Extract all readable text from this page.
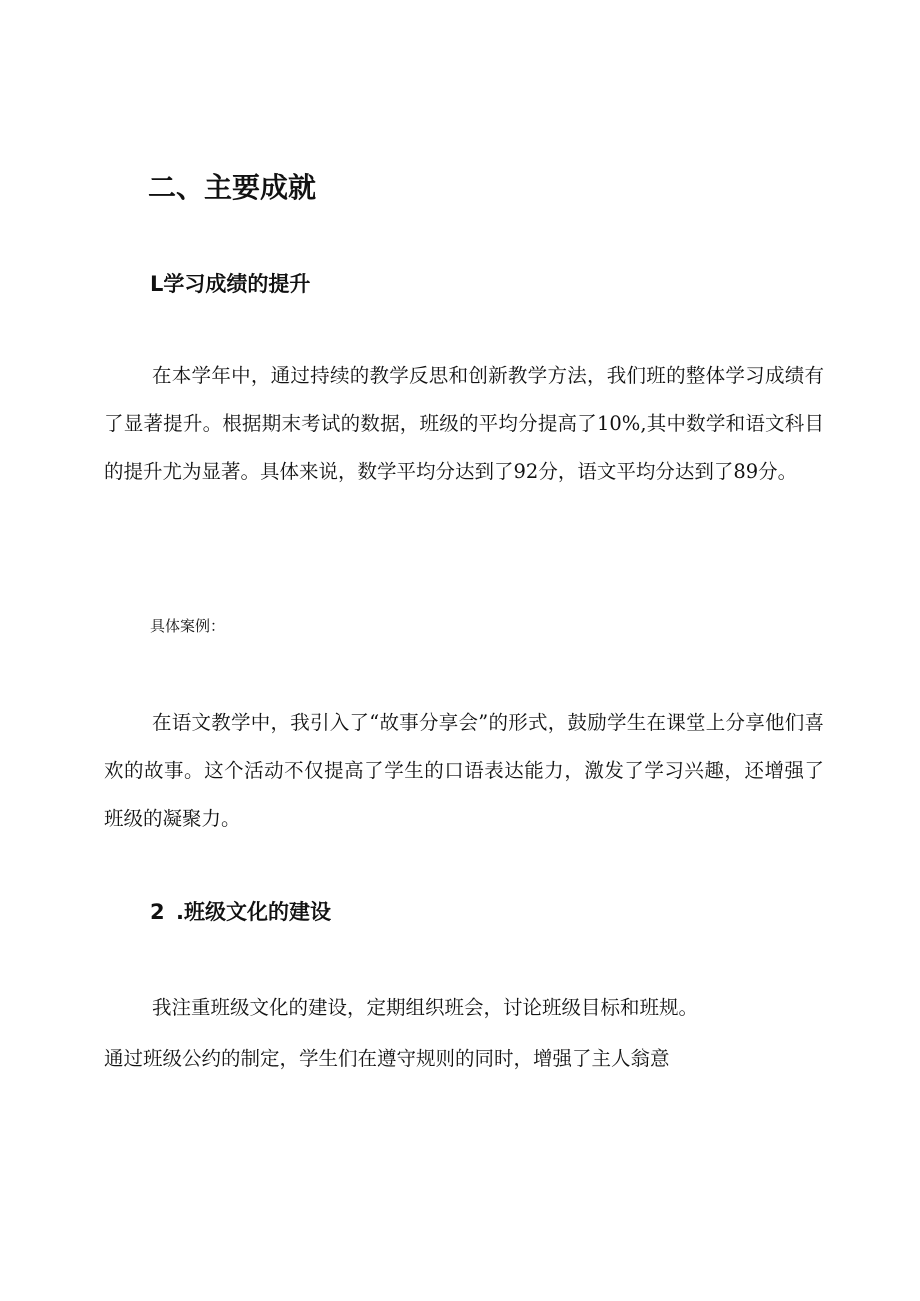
二、主要成就
L学习成绩的提升
在本学年中，通过持续的教学反思和创新教学方法，我们班的整体学习成绩有了显著提升。根据期末考试的数据，班级的平均分提高了10%,其中数学和语文科目的提升尤为显著。具体来说，数学平均分达到了92分，语文平均分达到了89分。
具体案例：
在语文教学中，我引入了“故事分享会”的形式，鼓励学生在课堂上分享他们喜欢的故事。这个活动不仅提高了学生的口语表达能力，激发了学习兴趣，还增强了班级的凝聚力。
2 .班级文化的建设
我注重班级文化的建设，定期组织班会，讨论班级目标和班规。
通过班级公约的制定，学生们在遵守规则的同时，增强了主人翁意
